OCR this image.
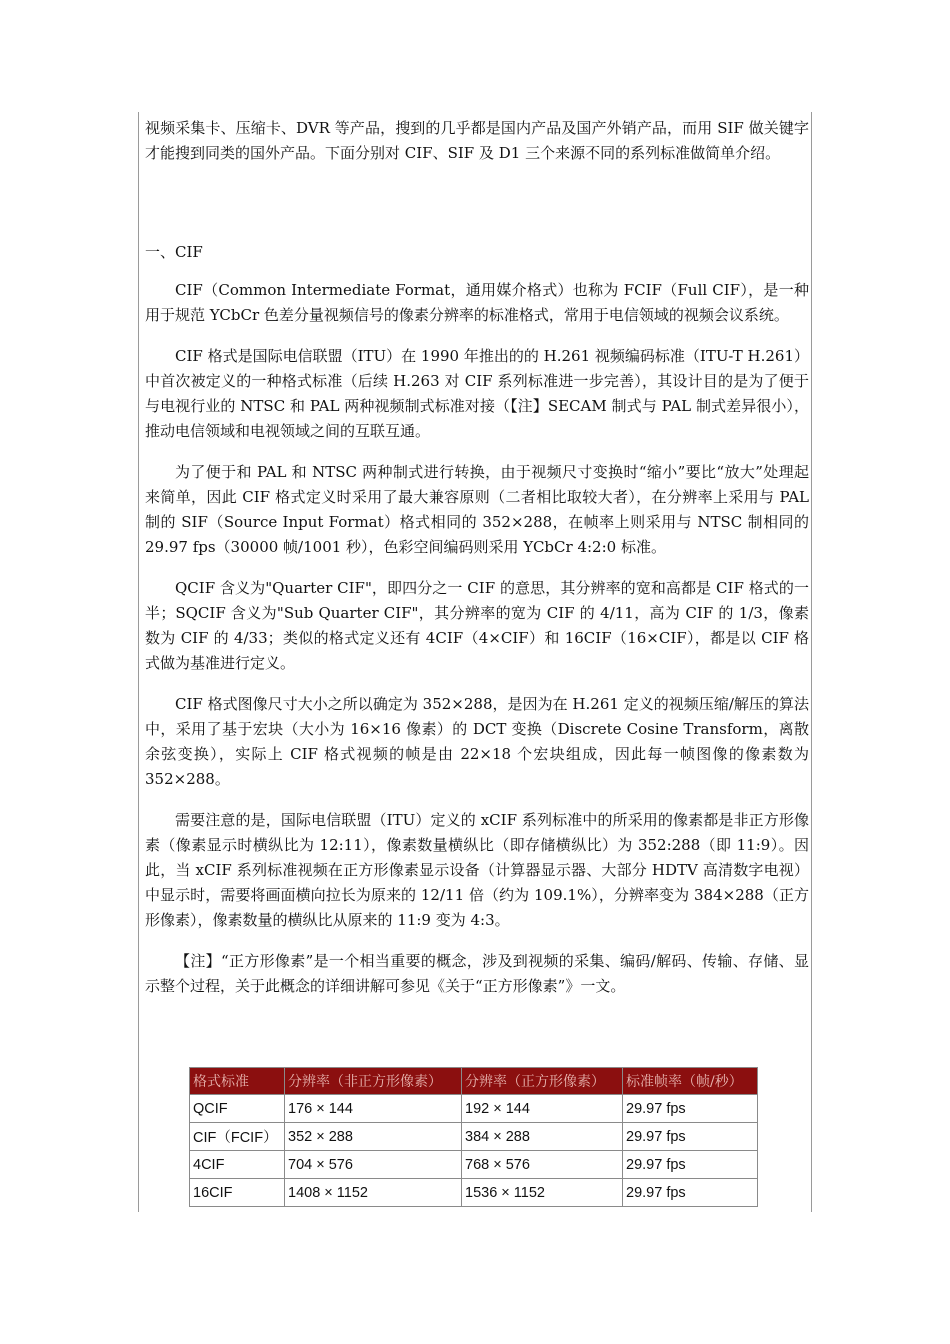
视频采集卡、压缩卡、DVR 等产品，搜到的几乎都是国内产品及国产外销产品，而用 SIF 做关键字才能搜到同类的国外产品。下面分别对 CIF、SIF 及 D1 三个来源不同的系列标准做简单介绍。

一、CIF

CIF（Common Intermediate Format，通用媒介格式）也称为 FCIF（Full CIF），是一种用于规范 YCbCr 色差分量视频信号的像素分辨率的标准格式，常用于电信领域的视频会议系统。

CIF 格式是国际电信联盟（ITU）在 1990 年推出的的 H.261 视频编码标准（ITU-T H.261）中首次被定义的一种格式标准（后续 H.263 对 CIF 系列标准进一步完善），其设计目的是为了便于与电视行业的 NTSC 和 PAL 两种视频制式标准对接（【注】SECAM 制式与 PAL 制式差异很小），推动电信领域和电视领域之间的互联互通。

为了便于和 PAL 和 NTSC 两种制式进行转换，由于视频尺寸变换时“缩小”要比“放大”处理起来简单，因此 CIF 格式定义时采用了最大兼容原则（二者相比取较大者），在分辨率上采用与 PAL 制的 SIF（Source Input Format）格式相同的 352×288，在帧率上则采用与 NTSC 制相同的 29.97 fps（30000 帧/1001 秒），色彩空间编码则采用 YCbCr 4:2:0 标准。

QCIF 含义为"Quarter CIF"，即四分之一 CIF 的意思，其分辨率的宽和高都是 CIF 格式的一半；SQCIF 含义为"Sub Quarter CIF"，其分辨率的宽为 CIF 的 4/11，高为 CIF 的 1/3，像素数为 CIF 的 4/33；类似的格式定义还有 4CIF（4×CIF）和 16CIF（16×CIF），都是以 CIF 格式做为基准进行定义。

CIF 格式图像尺寸大小之所以确定为 352×288，是因为在 H.261 定义的视频压缩/解压的算法中，采用了基于宏块（大小为 16×16 像素）的 DCT 变换（Discrete Cosine Transform，离散余弦变换），实际上 CIF 格式视频的帧是由 22×18 个宏块组成，因此每一帧图像的像素数为 352×288。

需要注意的是，国际电信联盟（ITU）定义的 xCIF 系列标准中的所采用的像素都是非正方形像素（像素显示时横纵比为 12:11），像素数量横纵比（即存储横纵比）为 352:288（即 11:9）。因此，当 xCIF 系列标准视频在正方形像素显示设备（计算器显示器、大部分 HDTV 高清数字电视）中显示时，需要将画面横向拉长为原来的 12/11 倍（约为 109.1%），分辨率变为 384×288（正方形像素），像素数量的横纵比从原来的 11:9 变为 4:3。

【注】“正方形像素”是一个相当重要的概念，涉及到视频的采集、编码/解码、传输、存储、显示整个过程，关于此概念的详细讲解可参见《关于“正方形像素”》一文。

格式标准	分辨率（非正方形像素）	分辨率（正方形像素）	标准帧率（帧/秒）
QCIF	176 × 144	192 × 144	29.97 fps
CIF（FCIF）	352 × 288	384 × 288	29.97 fps
4CIF	704 × 576	768 × 576	29.97 fps
16CIF	1408 × 1152	1536 × 1152	29.97 fps
